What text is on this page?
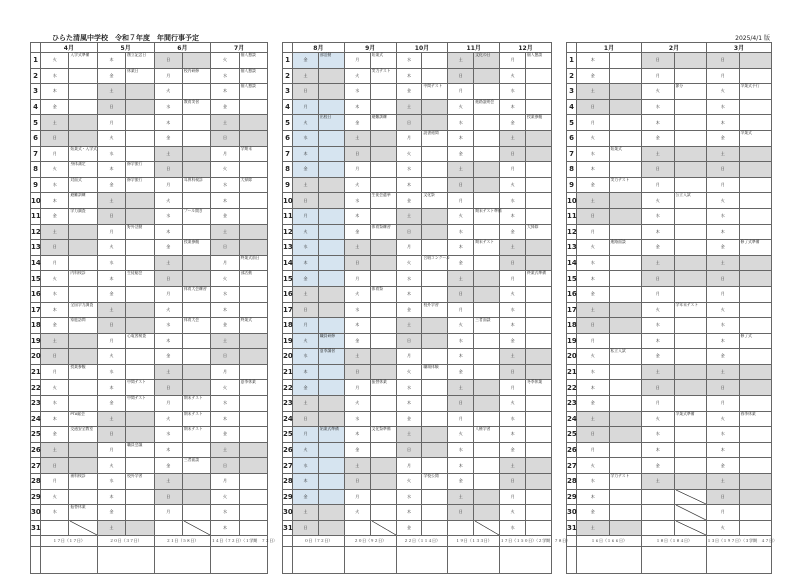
ひらた清風中学校　令和７年度　年間行事予定	2025/4/1 版
	4月		5月		6月		7月	
1	火	入学式準備	木	創立記念日	日		火	個人懇談
2	水		金	休業日	月	校内研修	水	個人懇談
3	木		土		火		木	個人懇談
4	金		日		水	教育実習	金	
5	土		月		木		土	
6	日		火		金		日	
7	月	始業式・入学式	水		土		月	学期末
8	火	身体測定	木	修学旅行	日		火	
9	水	対面式	金	修学旅行	月	耳鼻科検診	水	大掃除
10	木	避難訓練	土		火		木	
11	金	学力調査	日		水	プール開き	金	
12	土		月	野外活動	木		土	
13	日		火		金	授業参観	日	
14	月		水		土		月	終業式前日
15	火	内科検診	木	生徒総会	日		火	部活動
16	水		金		月	体育大会練習	水	
17	木	全国学力調査	土		火		木	
18	金	家庭訪問	日		水	体育大会	金	終業式
19	土		月	心電図検査	木		土	
20	日		火		金		日	
21	月	授業参観	水		土		月	
22	火		木	中間テスト	日		火	夏季休業
23	水		金	中間テスト	月	期末テスト	水	
24	木	PTA総会	土		火	期末テスト	木	
25	金	交通安全教室	日		水	期末テスト	金	
26	土		月	職員会議	木		土	
27	日		火		金	三者面談	日	
28	月	歯科検診	水	校外学習	土		月	
29	火		木		日		火	
30	水	振替休業	金		月		水	
31			土				木	
	１７日（１７日）		２０日（３７日）		２１日（５８日）		１４日（７２日）〈１学期　７２日〉	

	8月		9月		10月		11月		12月	
1	金	部活動	月	始業式	水		土	文化の日	月	個人懇談
2	土		火	実力テスト	木		日		火	
3	日		水		金	中間テスト	月		水	
4	月		木		土		火	進路説明会	木	
5	火	出校日	金	避難訓練	日		水		金	授業参観
6	水		土		月	読書週間	木		土	
7	木		日		火		金		日	
8	金		月		水		土		月	
9	土		火		木		日		火	
10	日		水	生徒会選挙	金	文化祭	月		水	
11	月		木		土		火	期末テスト準備	木	
12	火		金	体育祭練習	日		水		金	大掃除
13	水		土		月		木	期末テスト	土	
14	木		日		火	合唱コンクール	金		日	
15	金		月		水		土		月	終業式準備
16	土		火	体育祭	木		日		火	
17	日		水		金	校外学習	月		水	
18	月		木		土		火	三者面談	木	
19	火	職員研修	金		日		水		金	
20	水	夏季講習	土		月		木		土	
21	木		日		火	職場体験	金		日	
22	金		月	振替休業	水		土		月	冬季休業
23	土		火		木		日		火	
24	日		水		金		月		水	
25	月	始業式準備	木	文化祭準備	土		火	人権学習	木	
26	火		金		日		水		金	
27	水		土		月		木		土	
28	木		日		火	学校公開	金		日	
29	金		月		水		土		月	
30	土		火		木		日		火	
31	日				金				水	
	０日（７２日）		２０日（９２日）		２２日（１１４日）		１９日（１３３日）		１７日（１５０日）〈２学期　７８日〉	

	1月		2月		3月	
1	木		日		日	
2	金		月		月	
3	土		火	節分	火	卒業式予行
4	日		水		水	
5	月		木		木	
6	火		金		金	卒業式
7	水	始業式	土		土	
8	木		日		日	
9	金	実力テスト	月		月	
10	土		火	公立入試	火	
11	日		水		水	
12	月		木		木	
13	火	進路面談	金		金	修了式準備
14	水		土		土	
15	木		日		日	
16	金		月		月	
17	土		火	学年末テスト	火	
18	日		水		水	
19	月		木		木	修了式
20	火	私立入試	金		金	
21	水		土		土	
22	木		日		日	
23	金		月		月	
24	土		火	卒業式準備	火	春季休業
25	日		水		水	
26	月		木		木	
27	火		金		金	
28	水	学力テスト	土		土	
29	木				日	
30	金				月	
31	土				火	
	１６日（１６６日）		１８日（１８４日）		１３日（１９７日）〈３学期　４７日〉	
